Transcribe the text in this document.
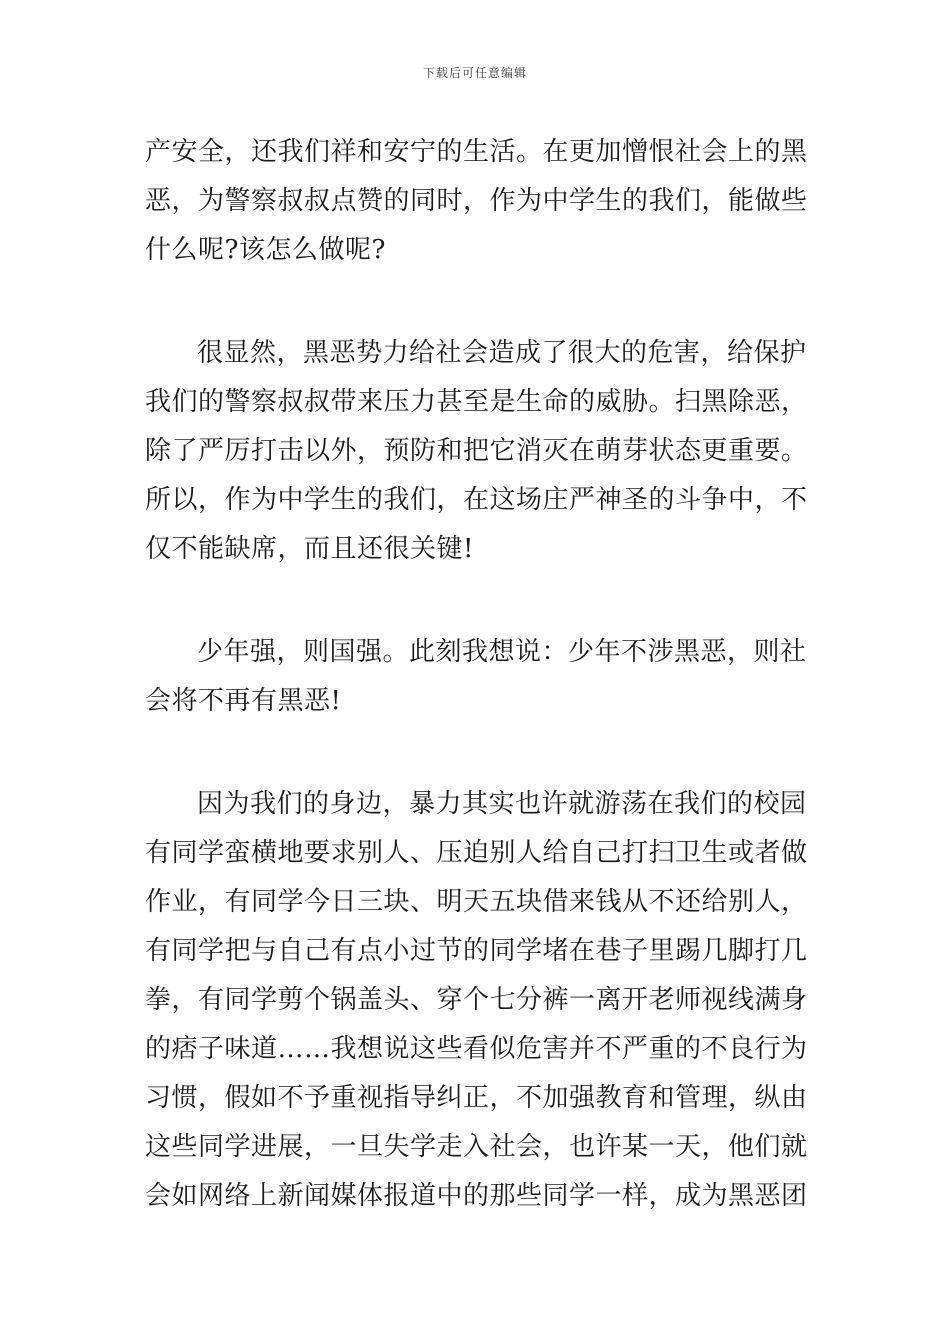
下载后可任意编辑
产安全，还我们祥和安宁的生活。在更加憎恨社会上的黑
恶，为警察叔叔点赞的同时，作为中学生的我们，能做些
什么呢?该怎么做呢?
很显然，黑恶势力给社会造成了很大的危害，给保护
我们的警察叔叔带来压力甚至是生命的威胁。扫黑除恶，
除了严厉打击以外，预防和把它消灭在萌芽状态更重要。
所以，作为中学生的我们，在这场庄严神圣的斗争中，不
仅不能缺席，而且还很关键!
少年强，则国强。此刻我想说：少年不涉黑恶，则社
会将不再有黑恶!
因为我们的身边，暴力其实也许就游荡在我们的校园
有同学蛮横地要求别人、压迫别人给自己打扫卫生或者做
作业，有同学今日三块、明天五块借来钱从不还给别人，
有同学把与自己有点小过节的同学堵在巷子里踢几脚打几
拳，有同学剪个锅盖头、穿个七分裤一离开老师视线满身
的痞子味道……我想说这些看似危害并不严重的不良行为
习惯，假如不予重视指导纠正，不加强教育和管理，纵由
这些同学进展，一旦失学走入社会，也许某一天，他们就
会如网络上新闻媒体报道中的那些同学一样，成为黑恶团
